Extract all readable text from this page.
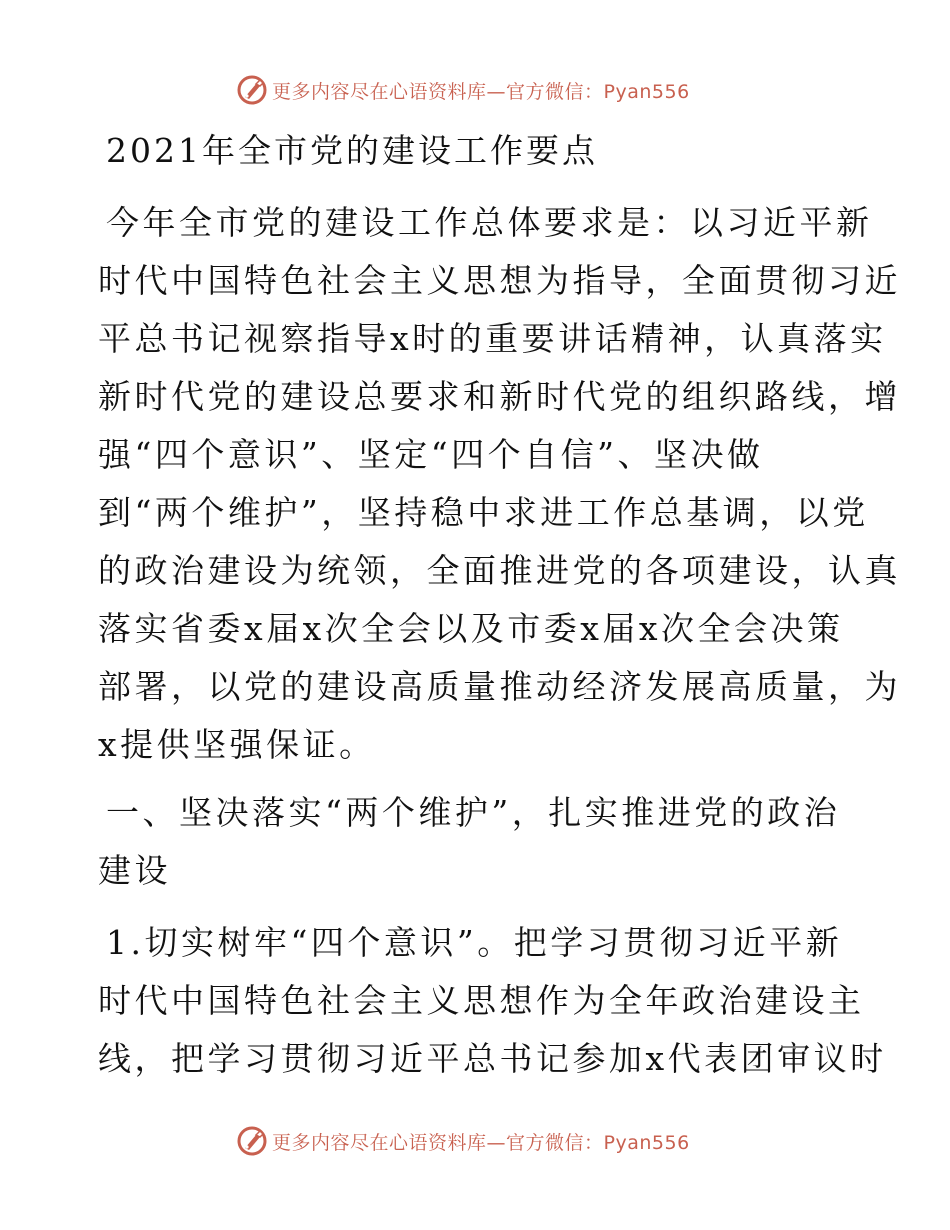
更多内容尽在心语资料库—官方微信：Pyan556
2021年全市党的建设工作要点

今年全市党的建设工作总体要求是：以习近平新
时代中国特色社会主义思想为指导，全面贯彻习近
平总书记视察指导x时的重要讲话精神，认真落实
新时代党的建设总要求和新时代党的组织路线，增
强“四个意识”、坚定“四个自信”、坚决做
到“两个维护”，坚持稳中求进工作总基调，以党
的政治建设为统领，全面推进党的各项建设，认真
落实省委x届x次全会以及市委x届x次全会决策
部署，以党的建设高质量推动经济发展高质量，为
x提供坚强保证。

一、坚决落实“两个维护”，扎实推进党的政治
建设

1.切实树牢“四个意识”。把学习贯彻习近平新
时代中国特色社会主义思想作为全年政治建设主
线，把学习贯彻习近平总书记参加x代表团审议时

更多内容尽在心语资料库—官方微信：Pyan556
